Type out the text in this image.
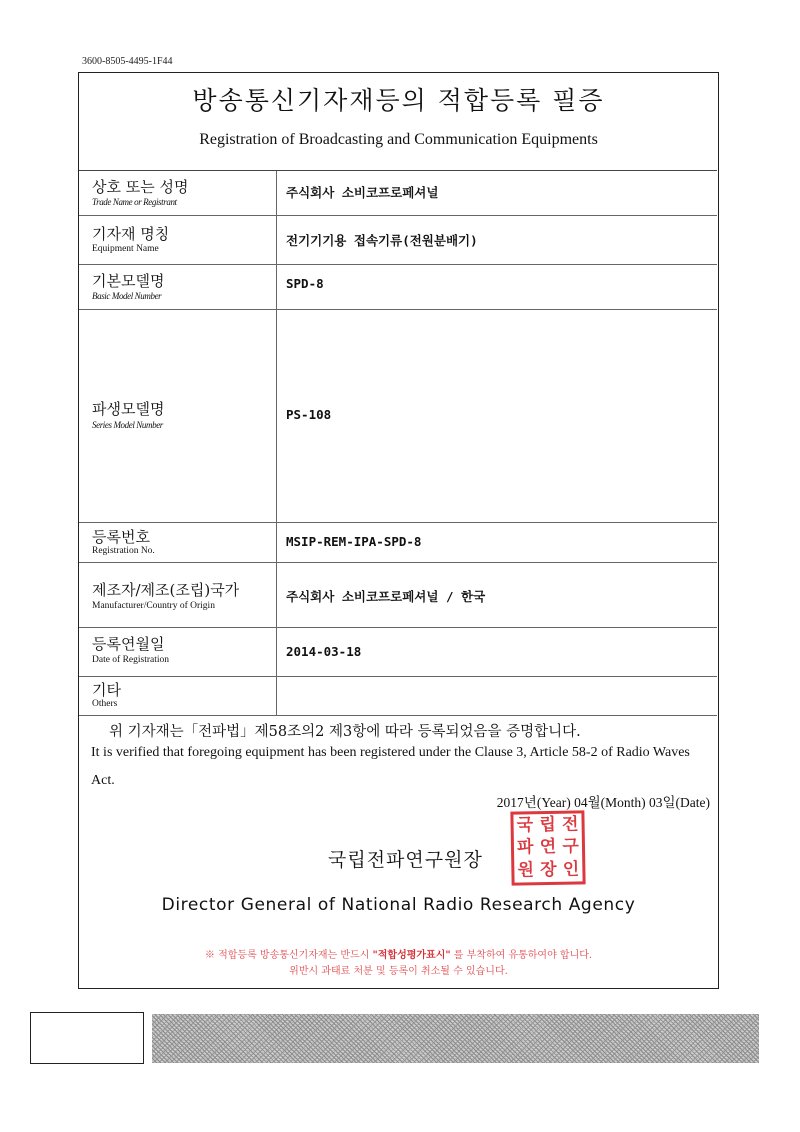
3600-8505-4495-1F44
방송통신기자재등의 적합등록 필증
Registration of Broadcasting and Communication Equipments
상호 또는 성명
Trade Name or Registrant
주식회사 소비코프로페셔널
기자재 명칭
Equipment Name
전기기기용 접속기류(전원분배기)
기본모델명
Basic Model Number
SPD-8
파생모델명
Series Model Number
PS-108
등록번호
Registration No.
MSIP-REM-IPA-SPD-8
제조자/제조(조립)국가
Manufacturer/Country of Origin
주식회사 소비코프로페셔널 / 한국
등록연월일
Date of Registration
2014-03-18
기타
Others
위 기자재는「전파법」제58조의2 제3항에 따라 등록되었음을 증명합니다.
It is verified that foregoing equipment has been registered under the Clause 3, Article 58-2 of Radio Waves Act.
2017년(Year) 04월(Month) 03일(Date)
국립전파연구원장
국 립 전
파 연 구
원 장 인
Director General of National Radio Research Agency
※ 적합등록 방송통신기자재는 반드시 "적합성평가표시" 를 부착하여 유통하여야 합니다.
위반시 과태료 처분 및 등록이 취소될 수 있습니다.
